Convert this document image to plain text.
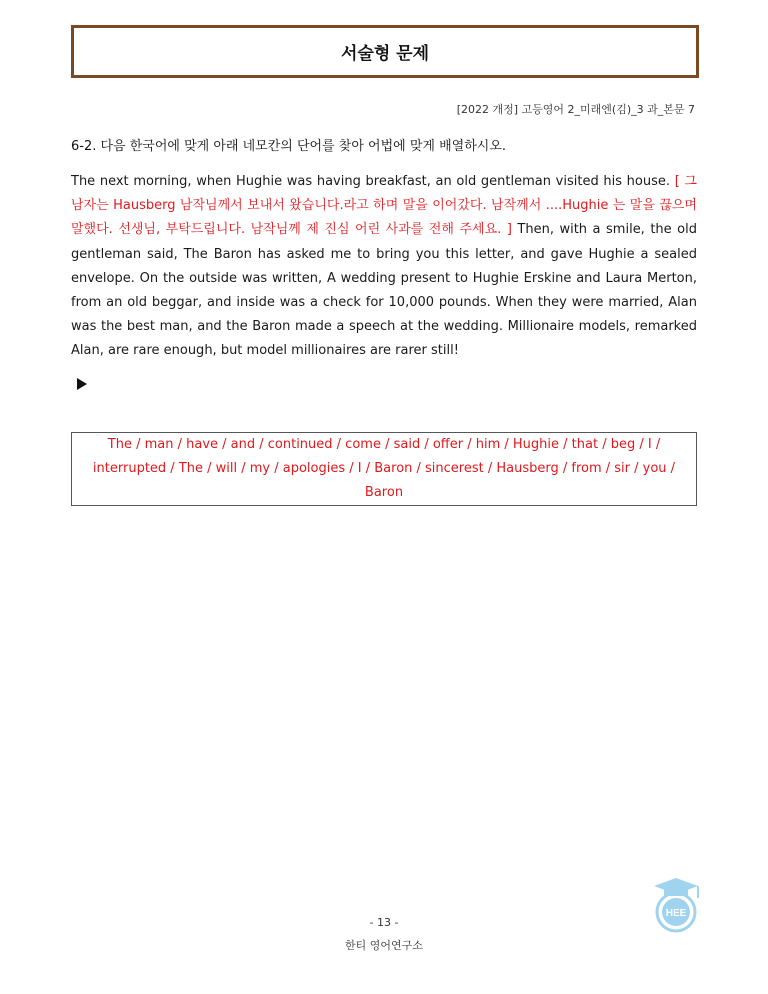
서술형 문제
[2022 개정] 고등영어 2_미래엔(김)_3 과_본문 7
6-2. 다음 한국어에 맞게 아래 네모칸의 단어를 찾아 어법에 맞게 배열하시오.
The next morning, when Hughie was having breakfast, an old gentleman visited his house. [ 그 남자는 Hausberg 남작님께서 보내서 왔습니다.라고 하며 말을 이어갔다. 남작께서 ....Hughie 는 말을 끊으며 말했다. 선생님, 부탁드립니다. 남작님께 제 진심 어린 사과를 전해 주세요. ] Then, with a smile, the old gentleman said, The Baron has asked me to bring you this letter, and gave Hughie a sealed envelope. On the outside was written, A wedding present to Hughie Erskine and Laura Merton, from an old beggar, and inside was a check for 10,000 pounds. When they were married, Alan was the best man, and the Baron made a speech at the wedding. Millionaire models, remarked Alan, are rare enough, but model millionaires are rarer still!
The / man / have / and / continued / come / said / offer / him / Hughie / that / beg / I / interrupted / The / will / my / apologies / I / Baron / sincerest / Hausberg / from / sir / you / Baron
- 13 -
한티 영어연구소
HEE
